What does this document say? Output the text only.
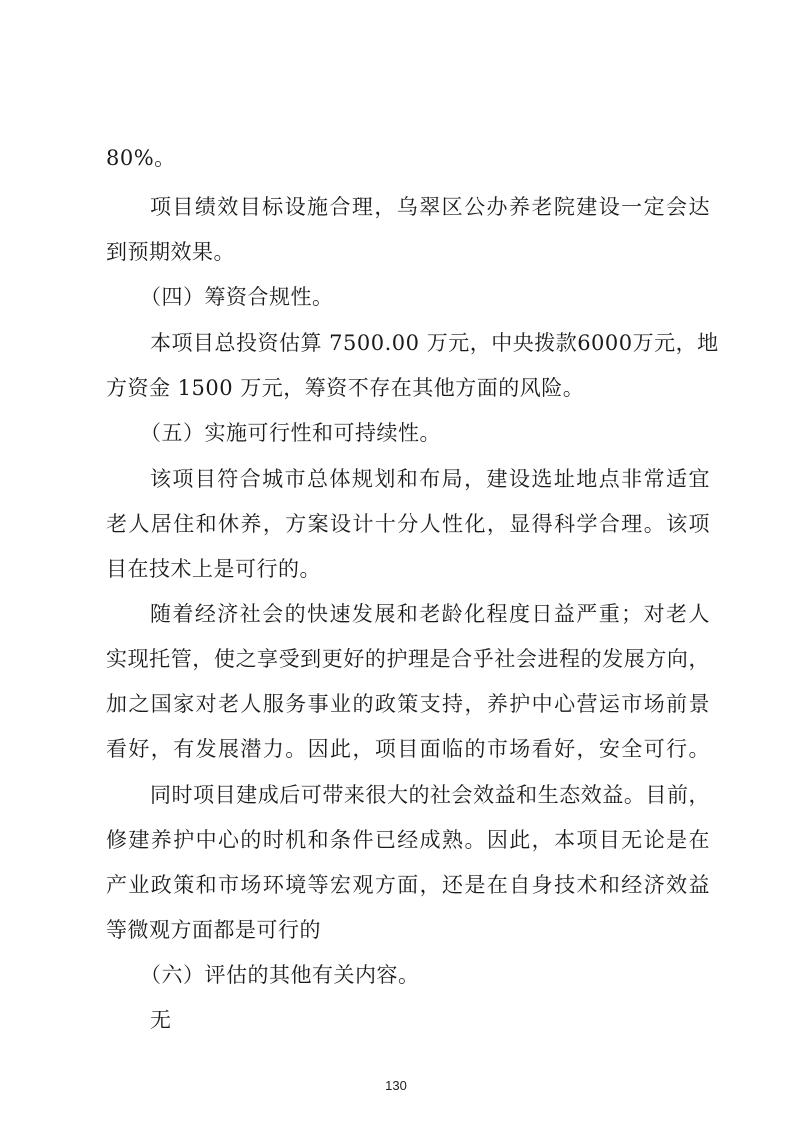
80%。
项目绩效目标设施合理，乌翠区公办养老院建设一定会达
到预期效果。
（四）筹资合规性。
本项目总投资估算 7500.00 万元，中央拨款6000万元，地
方资金 1500 万元，筹资不存在其他方面的风险。
（五）实施可行性和可持续性。
该项目符合城市总体规划和布局，建设选址地点非常适宜
老人居住和休养，方案设计十分人性化，显得科学合理。该项
目在技术上是可行的。
随着经济社会的快速发展和老龄化程度日益严重；对老人
实现托管，使之享受到更好的护理是合乎社会进程的发展方向，
加之国家对老人服务事业的政策支持，养护中心营运市场前景
看好，有发展潜力。因此，项目面临的市场看好，安全可行。
同时项目建成后可带来很大的社会效益和生态效益。目前，
修建养护中心的时机和条件已经成熟。因此，本项目无论是在
产业政策和市场环境等宏观方面，还是在自身技术和经济效益
等微观方面都是可行的
（六）评估的其他有关内容。
无
130
